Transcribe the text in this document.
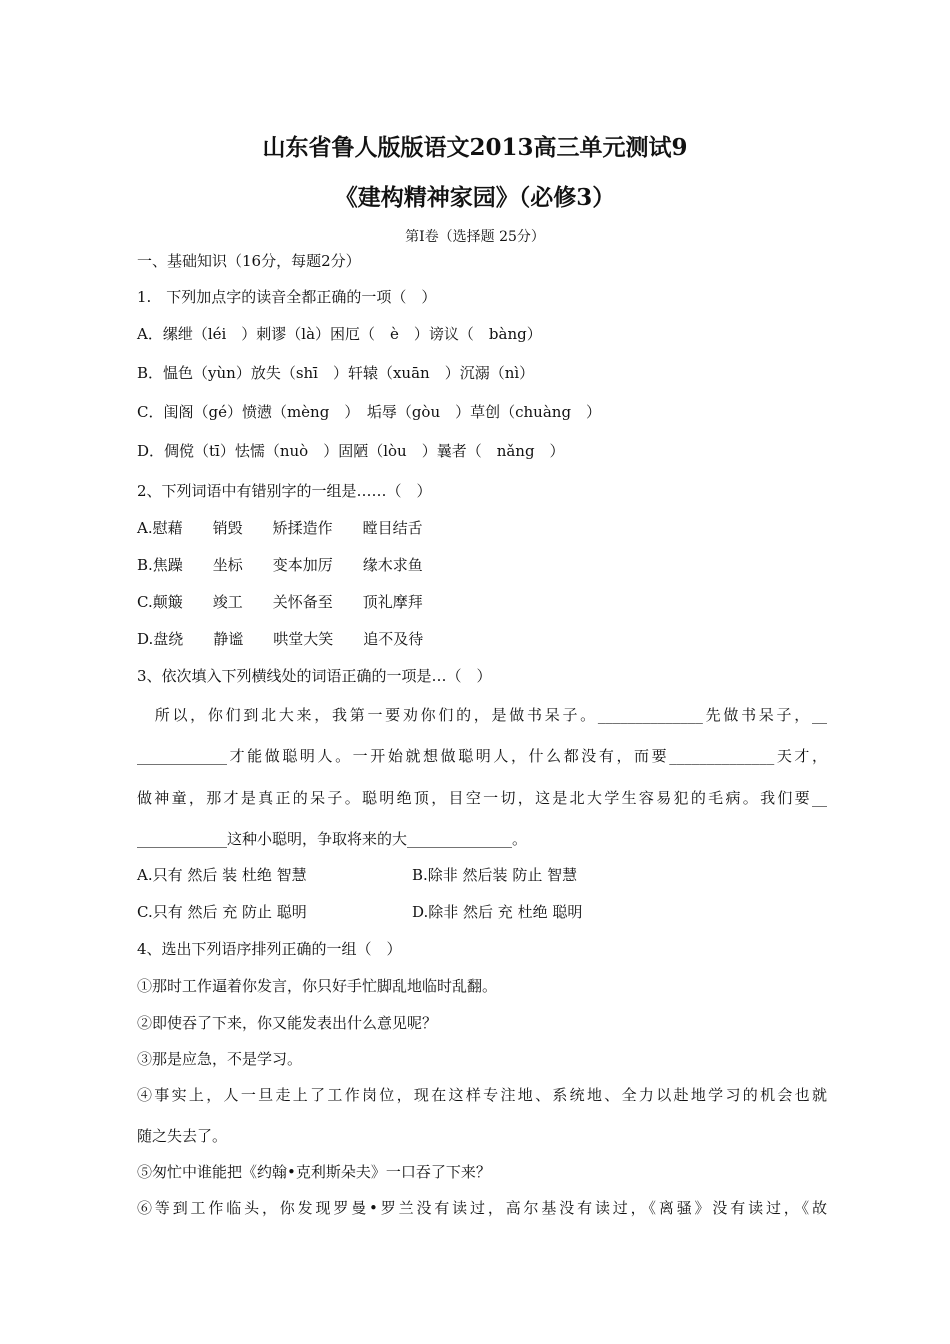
山东省鲁人版版语文2013高三单元测试9
《建构精神家园》（必修3）
第Ⅰ卷（选择题 25分）
一、基础知识（16分，每题2分）
1.　下列加点字的读音全都正确的一项（　）
A．缧绁（léi　）刺谬（là）困厄（　è　）谤议（　bàng）
B．愠色（yùn）放失（shī　）轩辕（xuān　）沉溺（nì）
C．闺阁（gé）愤懑（mèng　）　垢辱（gòu　）草创（chuàng　）
D．倜傥（tī）怯懦（nuò　）固陋（lòu　）曩者（　nǎng　）
2、下列词语中有错别字的一组是……（　）
A.慰藉　　销毁　　矫揉造作　　瞠目结舌
B.焦躁　　坐标　　变本加厉　　缘木求鱼
C.颠簸　　竣工　　关怀备至　　顶礼摩拜
D.盘绕　　静谧　　哄堂大笑　　追不及待
3、依次填入下列横线处的词语正确的一项是…（　）
　所以，你们到北大来，我第一要劝你们的，是做书呆子。______________先做书呆子，__
____________才能做聪明人。一开始就想做聪明人，什么都没有，而要______________天才，
做神童，那才是真正的呆子。聪明绝顶，目空一切，这是北大学生容易犯的毛病。我们要__
____________这种小聪明，争取将来的大______________。
A.只有 然后 装 杜绝 智慧	B.除非 然后装 防止 智慧
C.只有 然后 充 防止 聪明	D.除非 然后 充 杜绝 聪明
4、选出下列语序排列正确的一组（　）
①那时工作逼着你发言，你只好手忙脚乱地临时乱翻。
②即使吞了下来，你又能发表出什么意见呢？
③那是应急，不是学习。
④事实上，人一旦走上了工作岗位，现在这样专注地、系统地、全力以赴地学习的机会也就
随之失去了。
⑤匆忙中谁能把《约翰•克利斯朵夫》一口吞了下来？
⑥等到工作临头，你发现罗曼•罗兰没有读过，高尔基没有读过，《离骚》没有读过，《故
